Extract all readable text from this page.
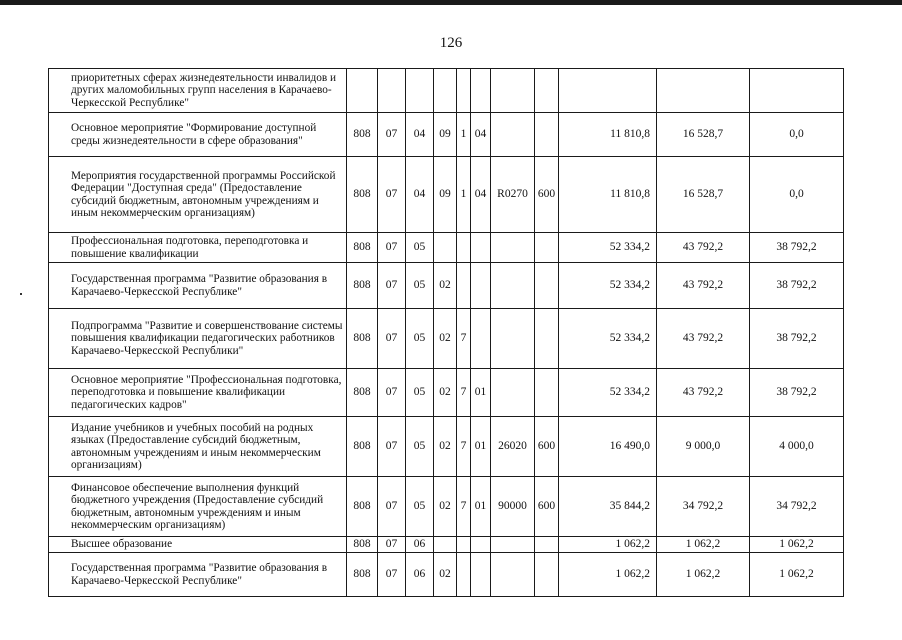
126
приоритетных сферах жизнедеятельности инвалидов и других маломобильных групп населения в Карачаево-Черкесской Республике"											
Основное мероприятие "Формирование доступной среды жизнедеятельности в сфере образования"	808	07	04	09	1	04			11 810,8	16 528,7	0,0
Мероприятия государственной программы Российской Федерации "Доступная среда" (Предоставление субсидий бюджетным, автономным учреждениям и иным некоммерческим организациям)	808	07	04	09	1	04	R0270	600	11 810,8	16 528,7	0,0
Профессиональная подготовка, переподготовка и повышение квалификации	808	07	05						52 334,2	43 792,2	38 792,2
Государственная программа "Развитие образования в Карачаево-Черкесской Республике"	808	07	05	02					52 334,2	43 792,2	38 792,2
Подпрограмма "Развитие и совершенствование системы повышения квалификации педагогических работников Карачаево-Черкесской Республики"	808	07	05	02	7				52 334,2	43 792,2	38 792,2
Основное мероприятие "Профессиональная подготовка, переподготовка и повышение квалификации педагогических кадров"	808	07	05	02	7	01			52 334,2	43 792,2	38 792,2
Издание учебников и учебных пособий на родных языках (Предоставление субсидий бюджетным, автономным учреждениям и иным некоммерческим организациям)	808	07	05	02	7	01	26020	600	16 490,0	9 000,0	4 000,0
Финансовое обеспечение выполнения функций бюджетного учреждения (Предоставление субсидий бюджетным, автономным учреждениям и иным некоммерческим организациям)	808	07	05	02	7	01	90000	600	35 844,2	34 792,2	34 792,2
Высшее образование	808	07	06						1 062,2	1 062,2	1 062,2
Государственная программа "Развитие образования в Карачаево-Черкесской Республике"	808	07	06	02					1 062,2	1 062,2	1 062,2
